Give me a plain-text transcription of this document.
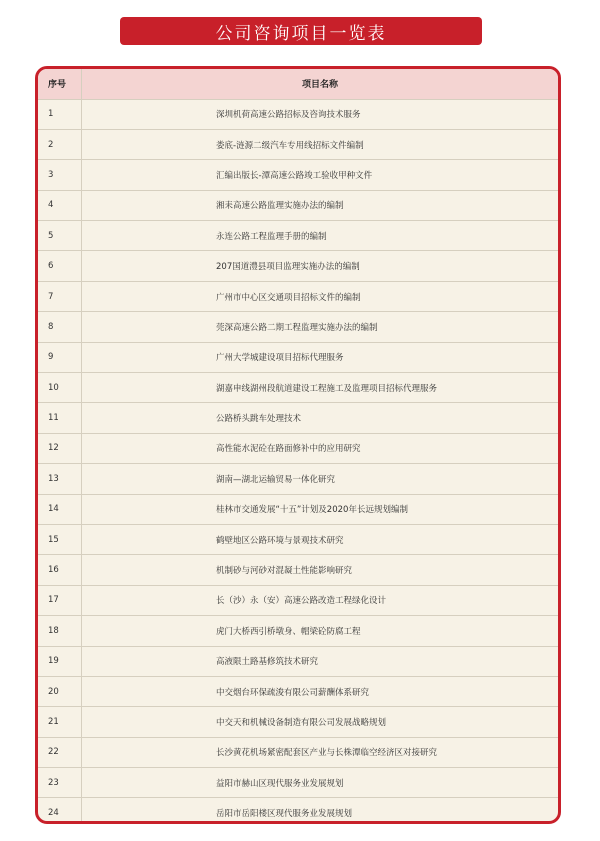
公司咨询项目一览表
序号	项目名称
1	深圳机荷高速公路招标及咨询技术服务
2	娄底-涟源二级汽车专用线招标文件编制
3	汇编出版长-潭高速公路竣工验收甲种文件
4	湘耒高速公路监理实施办法的编制
5	永连公路工程监理手册的编制
6	207国道澧县项目监理实施办法的编制
7	广州市中心区交通项目招标文件的编制
8	莞深高速公路二期工程监理实施办法的编制
9	广州大学城建设项目招标代理服务
10	湖嘉申线湖州段航道建设工程施工及监理项目招标代理服务
11	公路桥头跳车处理技术
12	高性能水泥砼在路面修补中的应用研究
13	湖南—湖北运输贸易一体化研究
14	桂林市交通发展“十五”计划及2020年长远规划编制
15	鹤壁地区公路环境与景观技术研究
16	机制砂与河砂对混凝土性能影响研究
17	长（沙）永（安）高速公路改造工程绿化设计
18	虎门大桥西引桥墩身、帽梁砼防腐工程
19	高液限土路基修筑技术研究
20	中交烟台环保疏浚有限公司薪酬体系研究
21	中交天和机械设备制造有限公司发展战略规划
22	长沙黄花机场紧密配套区产业与长株潭临空经济区对接研究
23	益阳市赫山区现代服务业发展规划
24	岳阳市岳阳楼区现代服务业发展规划
